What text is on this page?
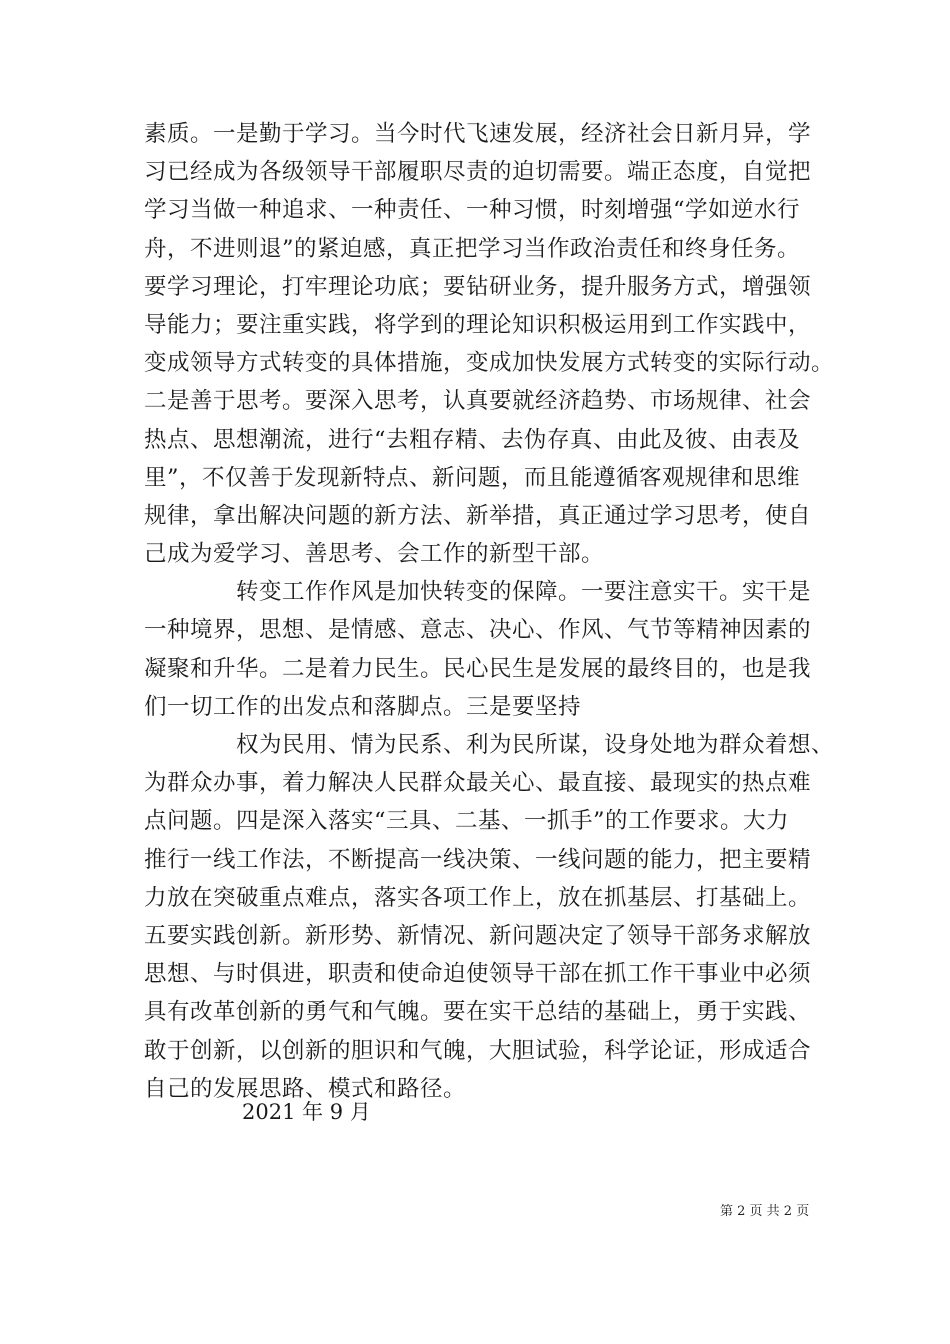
素质。一是勤于学习。当今时代飞速发展，经济社会日新月异，学
习已经成为各级领导干部履职尽责的迫切需要。端正态度，自觉把
学习当做一种追求、一种责任、一种习惯，时刻增强“学如逆水行
舟，不进则退”的紧迫感，真正把学习当作政治责任和终身任务。
要学习理论，打牢理论功底；要钻研业务，提升服务方式，增强领
导能力；要注重实践，将学到的理论知识积极运用到工作实践中，
变成领导方式转变的具体措施，变成加快发展方式转变的实际行动。
二是善于思考。要深入思考，认真要就经济趋势、市场规律、社会
热点、思想潮流，进行“去粗存精、去伪存真、由此及彼、由表及
里”，不仅善于发现新特点、新问题，而且能遵循客观规律和思维
规律，拿出解决问题的新方法、新举措，真正通过学习思考，使自
己成为爱学习、善思考、会工作的新型干部。
　　　　转变工作作风是加快转变的保障。一要注意实干。实干是
一种境界，思想、是情感、意志、决心、作风、气节等精神因素的
凝聚和升华。二是着力民生。民心民生是发展的最终目的，也是我
们一切工作的出发点和落脚点。三是要坚持
　　　　权为民用、情为民系、利为民所谋，设身处地为群众着想、
为群众办事，着力解决人民群众最关心、最直接、最现实的热点难
点问题。四是深入落实“三具、二基、一抓手”的工作要求。大力
推行一线工作法，不断提高一线决策、一线问题的能力，把主要精
力放在突破重点难点，落实各项工作上，放在抓基层、打基础上。
五要实践创新。新形势、新情况、新问题决定了领导干部务求解放
思想、与时俱进，职责和使命迫使领导干部在抓工作干事业中必须
具有改革创新的勇气和气魄。要在实干总结的基础上，勇于实践、
敢于创新，以创新的胆识和气魄，大胆试验，科学论证，形成适合
自己的发展思路、模式和路径。
2021 年 9 月
第 2 页 共 2 页
